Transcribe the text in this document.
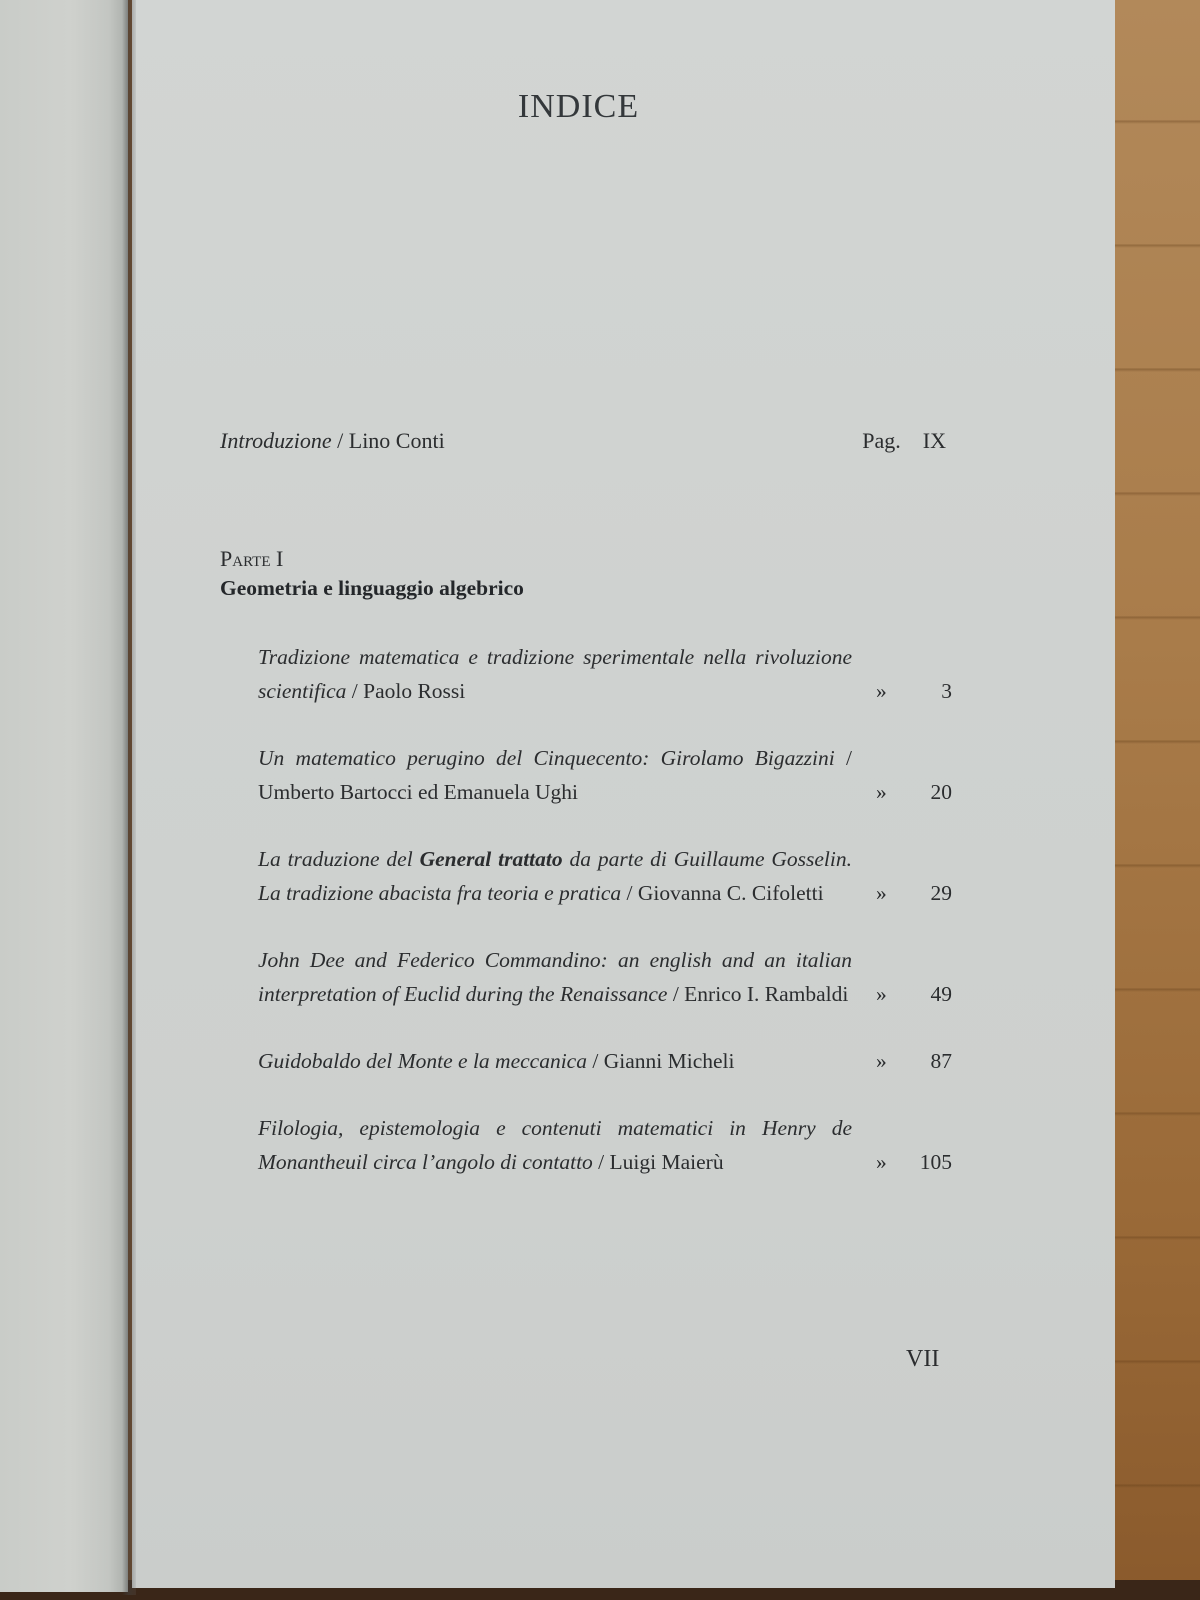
INDICE
Introduzione / Lino Conti	Pag. IX
Parte I
Geometria e linguaggio algebrico
Tradizione matematica e tradizione sperimentale nella rivoluzione scientifica / Paolo Rossi	»	3
Un matematico perugino del Cinquecento: Girolamo Bigazzini / Umberto Bartocci ed Emanuela Ughi	» 20
La traduzione del General trattato da parte di Guillaume Gosselin. La tradizione abacista fra teoria e pratica / Giovanna C. Cifoletti	» 29
John Dee and Federico Commandino: an english and an italian interpretation of Euclid during the Renaissance / Enrico I. Rambaldi	» 49
Guidobaldo del Monte e la meccanica / Gianni Micheli	» 87
Filologia, epistemologia e contenuti matematici in Henry de Monantheuil circa l’angolo di contatto / Luigi Maierù	» 105
VII
